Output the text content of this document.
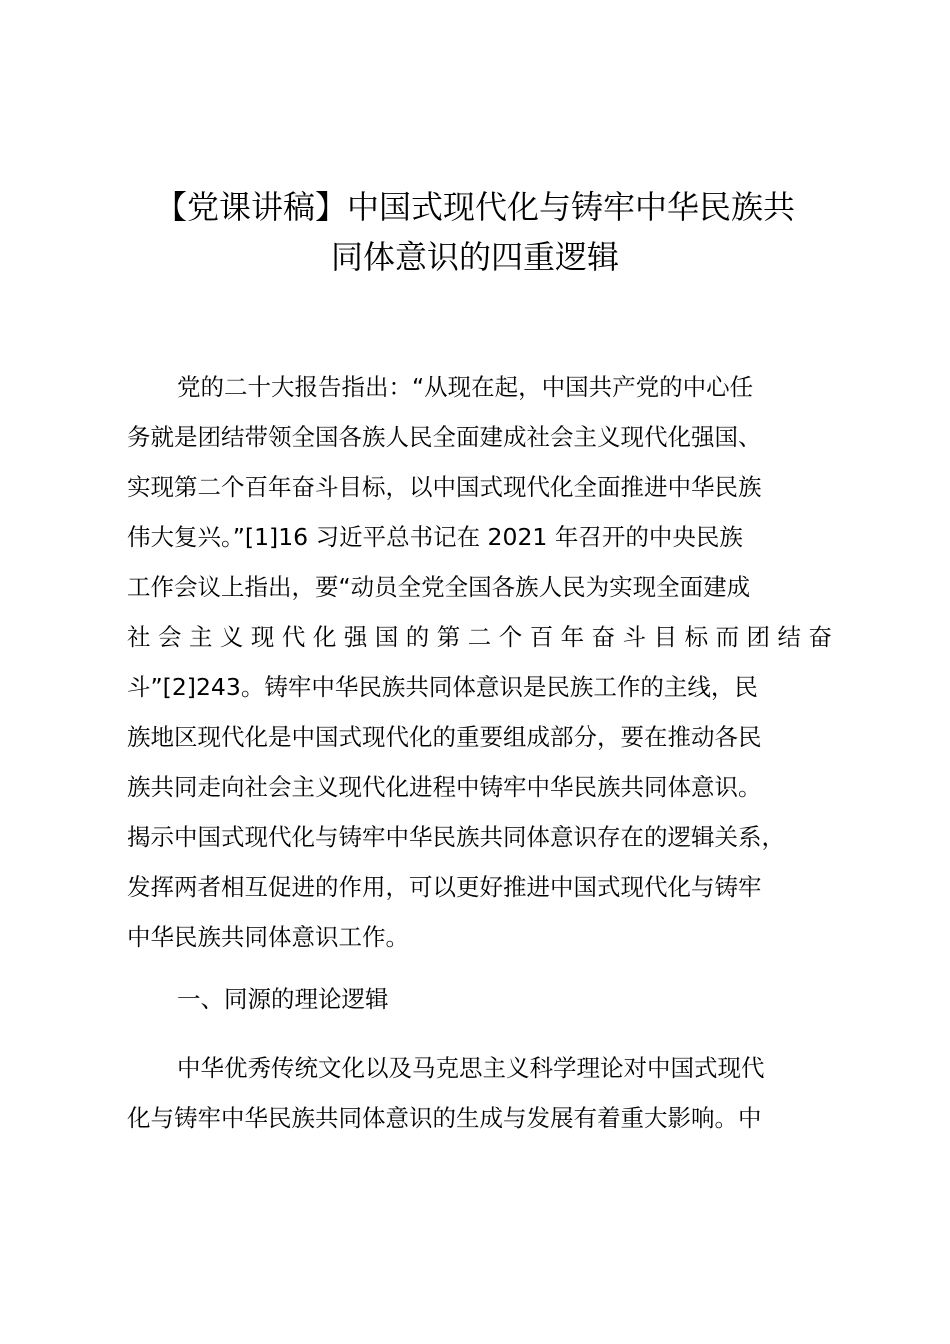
【党课讲稿】中国式现代化与铸牢中华民族共
同体意识的四重逻辑
党的二十大报告指出：“从现在起，中国共产党的中心任
务就是团结带领全国各族人民全面建成社会主义现代化强国、
实现第二个百年奋斗目标，以中国式现代化全面推进中华民族
伟大复兴。”[1]16 习近平总书记在 2021 年召开的中央民族
工作会议上指出，要“动员全党全国各族人民为实现全面建成
社会主义现代化强国的第二个百年奋斗目标而团结奋
斗”[2]243。铸牢中华民族共同体意识是民族工作的主线，民
族地区现代化是中国式现代化的重要组成部分，要在推动各民
族共同走向社会主义现代化进程中铸牢中华民族共同体意识。
揭示中国式现代化与铸牢中华民族共同体意识存在的逻辑关系，
发挥两者相互促进的作用，可以更好推进中国式现代化与铸牢
中华民族共同体意识工作。
一、同源的理论逻辑
中华优秀传统文化以及马克思主义科学理论对中国式现代
化与铸牢中华民族共同体意识的生成与发展有着重大影响。中
